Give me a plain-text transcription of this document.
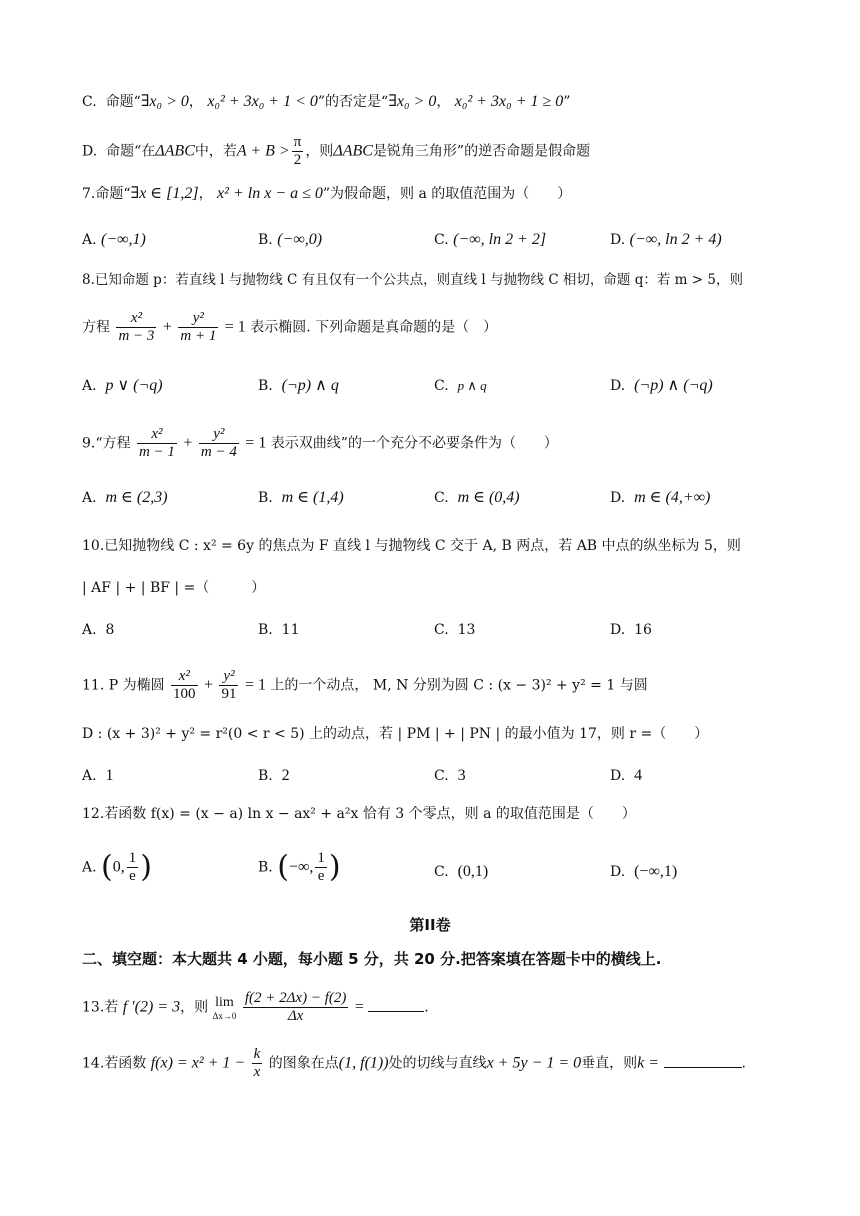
C. 命题“∃x₀ > 0， x₀² + 3x₀ + 1 < 0”的否定是“∃x₀ > 0， x₀² + 3x₀ + 1 ≥ 0”
D. 命题“在ΔABC中，若$A + B > \frac{\pi}{2}$ ，则ΔABC是锐角三角形”的逆否命题是假命题
7.命题“∃x ∈ [1,2]， x² + ln x − a ≤ 0”为假命题，则 a 的取值范围为（　　）
A. (−∞,1)	B. (−∞,0)	C. (−∞, ln 2 + 2]	D. (−∞, ln 2 + 4)
8.已知命题 p：若直线 l 与抛物线 C 有且仅有一个公共点，则直线 l 与抛物线 C 相切，命题 q：若 m > 5，则
方程 $\frac{\text{x²}}{m - 3} + \frac{\text{y²}}{m + 1} = 1$ 表示椭圆. 下列命题是真命题的是（　）
A. p ∨ (¬q)	B. (¬p) ∧ q	C. p ∧ q	D. (¬p) ∧ (¬q)
9.“方程 $\frac{\text{x²}}{m - 1} + \frac{\text{y²}}{m - 4} = 1$ 表示双曲线”的一个充分不必要条件为（　　）
A. m ∈ (2,3)	B. m ∈ (1,4)	C. m ∈ (0,4)	D. m ∈ (4,+∞)
10.已知抛物线 C : x² = 6y 的焦点为 F 直线 l 与抛物线 C 交于 A, B 两点，若 AB 中点的纵坐标为 5，则
| AF | + | BF | =（　　　）
A. 8	B. 11	C. 13	D. 16
11. P 为椭圆 $\frac{\text{x²}}{100} + \frac{\text{y²}}{91} = 1$ 上的一个动点， M, N 分别为圆 C : (x − 3)² + y² = 1 与圆
D : (x + 3)² + y² = r²(0 < r < 5) 上的动点，若 | PM | + | PN | 的最小值为 17，则 r =（　　）
A. 1	B. 2	C. 3	D. 4
12.若函数 f(x) = (x − a) ln x − ax² + a²x 恰有 3 个零点，则 a 的取值范围是（　　）
A. (0, $\frac{1}{e}$ )	B. (−∞, $\frac{1}{e}$ )	C. (0,1)	D. (−∞,1)
第II卷
二、填空题：本大题共 4 小题，每小题 5 分，共 20 分.把答案填在答题卡中的横线上.
13.若 f ′(2) = 3，则 lim
Δx→0
$\frac{f(2 + 2\Delta x) - f(2)}{\Delta x}$ =	.
14.若函数 $f(x) = x^2 + 1 - \frac{k}{x}$ 的图象在点(1, f(1))处的切线与直线x + 5y − 1 = 0垂直，则k =	.
